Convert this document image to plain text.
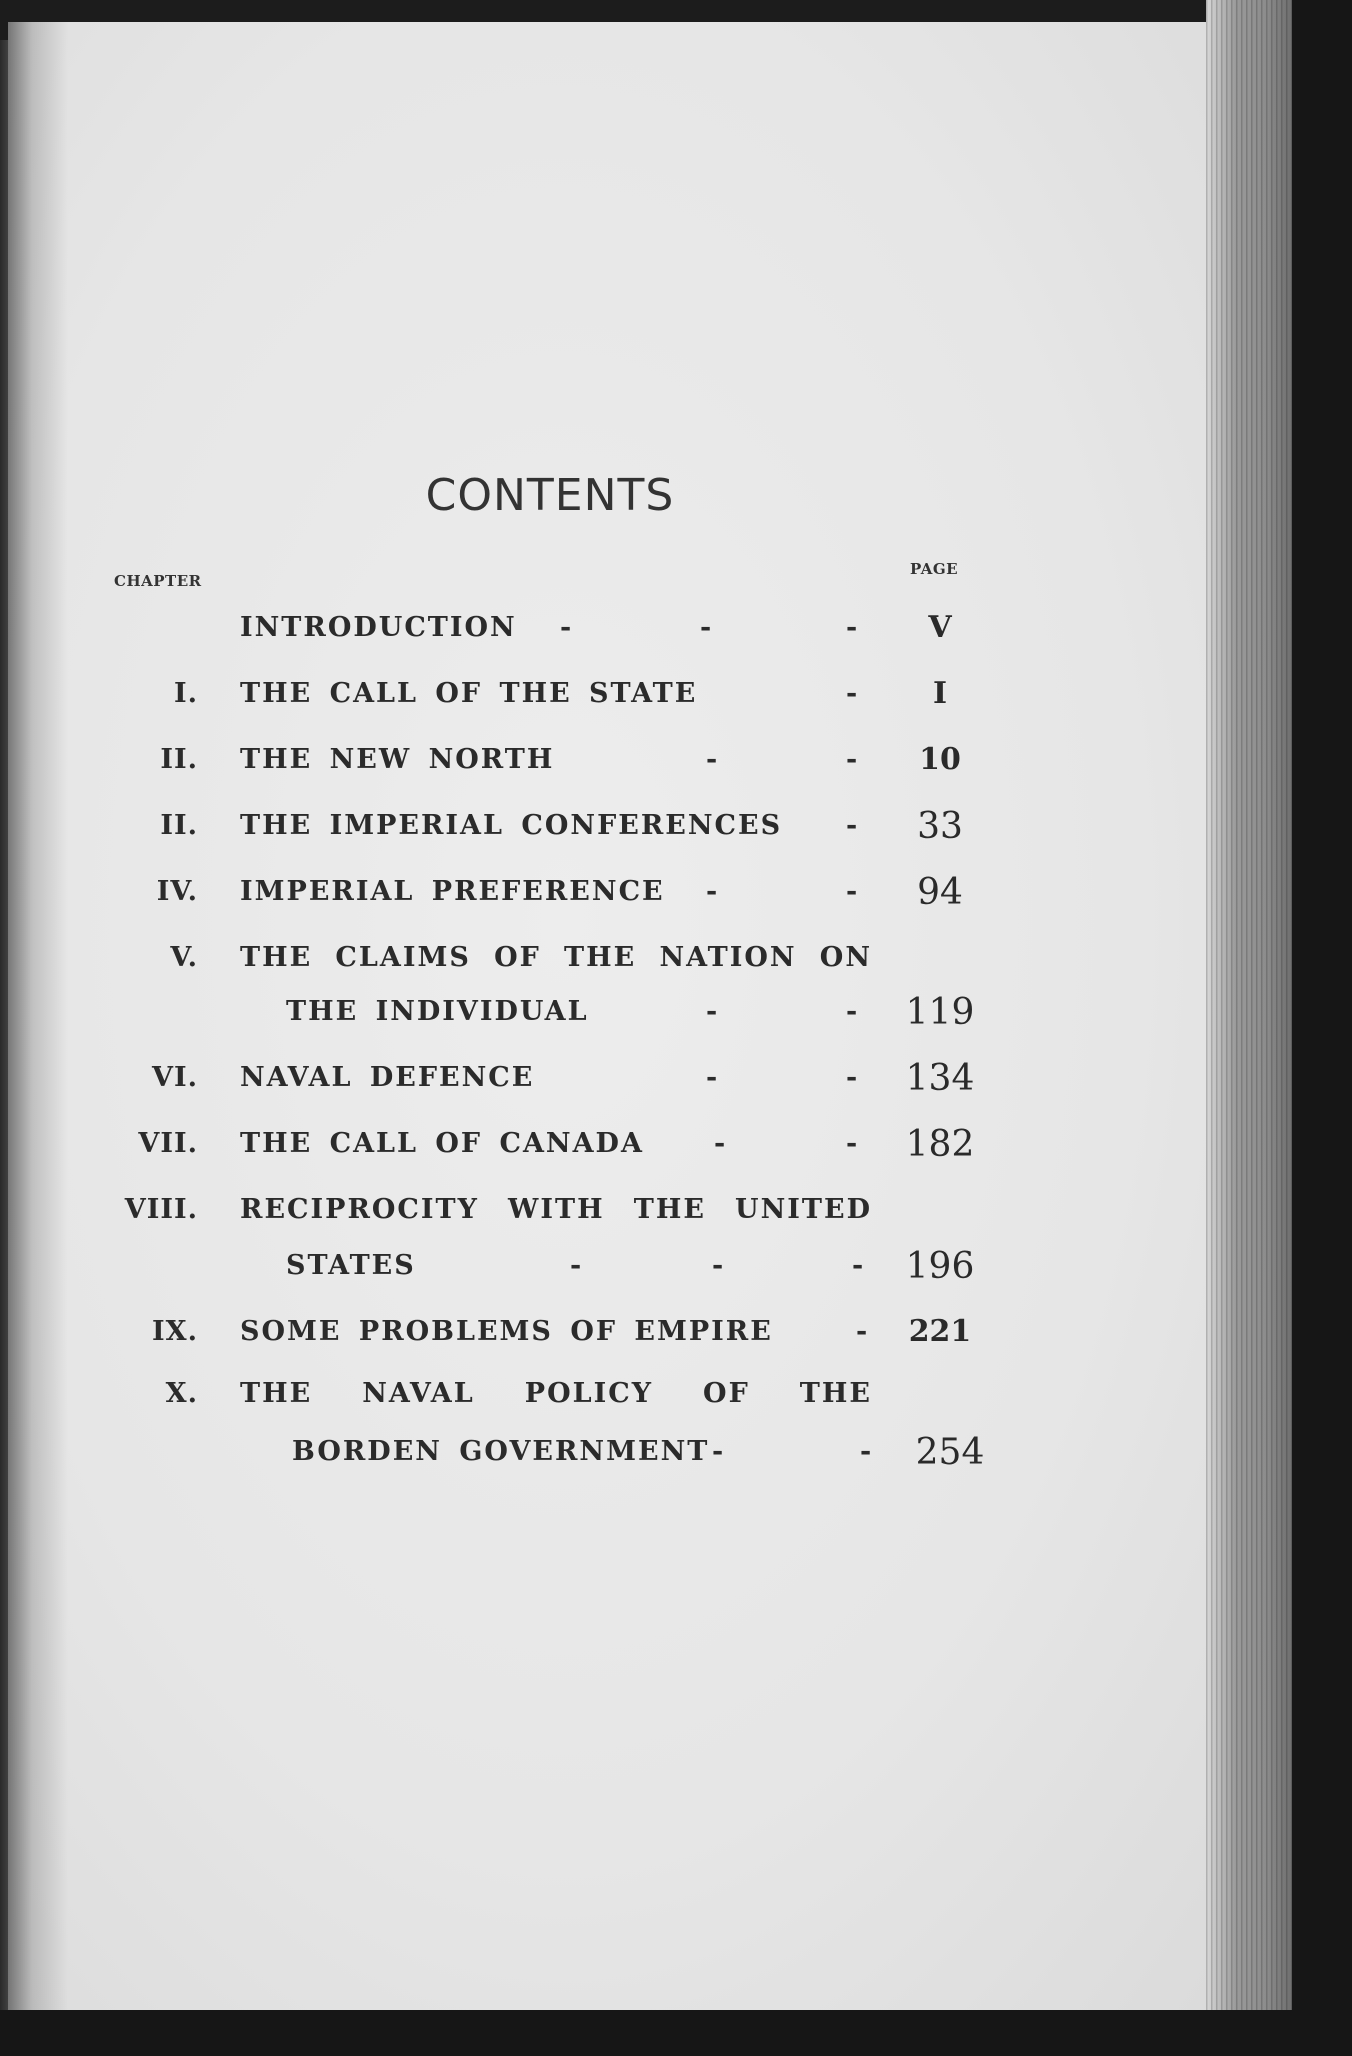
CONTENTS
CHAPTER
PAGE
INTRODUCTION -	-	-	V
I. THE CALL OF THE STATE	-	I
II. THE NEW NORTH	-	-	10
II. THE IMPERIAL CONFERENCES -	33
IV. IMPERIAL PREFERENCE -	-	94
V. THE CLAIMS OF THE NATION ON
THE INDIVIDUAL	-	- 119
VI. NAVAL DEFENCE	-	- 134
VII. THE CALL OF CANADA	-	- 182
VIII. RECIPROCITY WITH THE UNITED
STATES	-	-	- 196
IX. SOME PROBLEMS OF EMPIRE	- 221
X. THE NAVAL POLICY OF THE
BORDEN GOVERNMENT -	- 254
